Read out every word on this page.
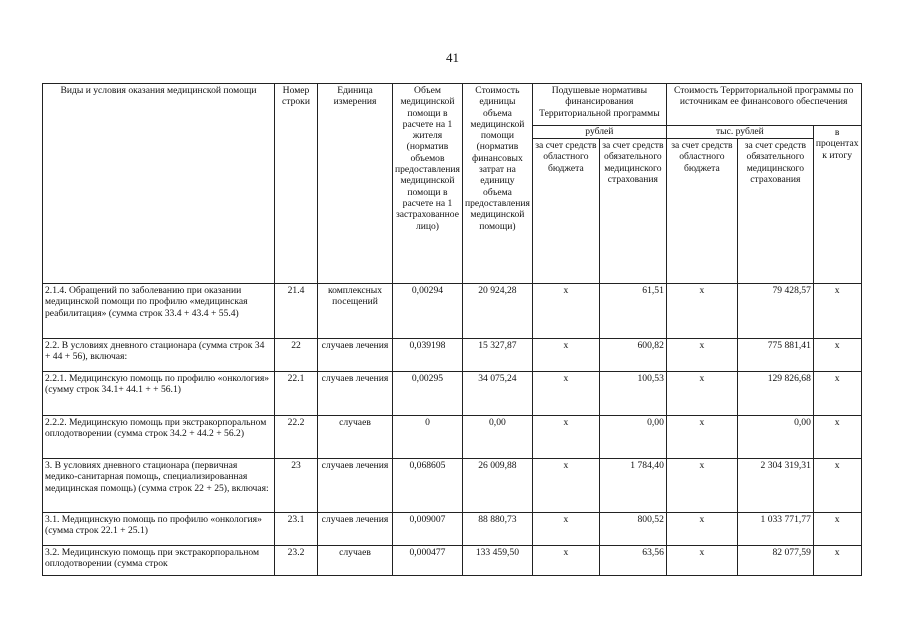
41
Виды и условия оказания медицинской помощи	Номер строки	Единица измерения	Объем медицинской помощи в расчете на 1 жителя (норматив объемов предоставления медицинской помощи в расчете на 1 застрахованное лицо)	Стоимость единицы объема медицинской помощи (норматив финансовых затрат на единицу объема предоставления медицинской помощи)	Подушевые нормативы финансирования Территориальной программы		Стоимость Территориальной программы по источникам ее финансового обеспечения		
					рублей		тыс. рублей		в процентах к итогу
					за счет средств областного бюджета	за счет средств обязательного медицинского страхования	за счет средств областного бюджета	за счет средств обязательного медицинского страхования	
2.1.4. Обращений по заболеванию при оказании медицинской помощи по профилю «медицинская реабилитация» (сумма строк 33.4 + 43.4 + 55.4)	21.4	комплексных посещений	0,00294	20 924,28	х	61,51	х	79 428,57	х
2.2. В условиях дневного стационара (сумма строк 34 + 44 + 56), включая:	22	случаев лечения	0,039198	15 327,87	х	600,82	х	775 881,41	х
2.2.1. Медицинскую помощь по профилю «онкология» (сумму строк 34.1+ 44.1 + + 56.1)	22.1	случаев лечения	0,00295	34 075,24	х	100,53	х	129 826,68	х
2.2.2. Медицинскую помощь при экстракорпоральном оплодотворении (сумма строк 34.2 + 44.2 + 56.2)	22.2	случаев	0	0,00	х	0,00	х	0,00	х
3. В условиях дневного стационара (первичная медико-санитарная помощь, специализированная медицинская помощь) (сумма строк 22 + 25), включая:	23	случаев лечения	0,068605	26 009,88	х	1 784,40	х	2 304 319,31	х
3.1. Медицинскую помощь по профилю «онкология» (сумма строк 22.1 + 25.1)	23.1	случаев лечения	0,009007	88 880,73	х	800,52	х	1 033 771,77	х
3.2. Медицинскую помощь при экстракорпоральном оплодотворении (сумма строк	23.2	случаев	0,000477	133 459,50	х	63,56	х	82 077,59	х
